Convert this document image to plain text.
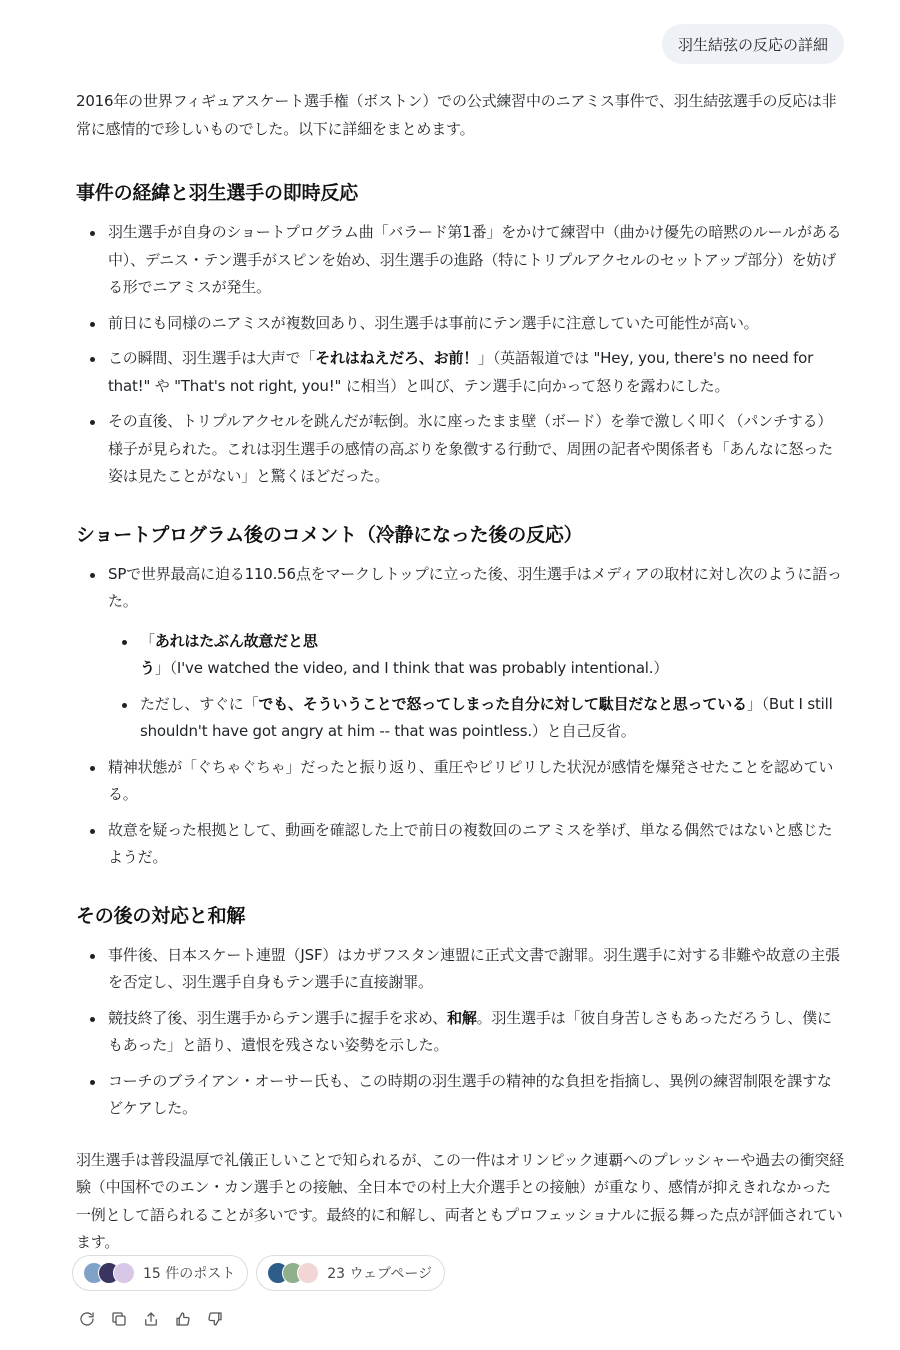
羽生結弦の反応の詳細

2016年の世界フィギュアスケート選手権（ボストン）での公式練習中のニアミス事件で、羽生結弦選手の反応は非常に感情的で珍しいものでした。以下に詳細をまとめます。

事件の経緯と羽生選手の即時反応
羽生選手が自身のショートプログラム曲「バラード第1番」をかけて練習中（曲かけ優先の暗黙のルールがある中）、デニス・テン選手がスピンを始め、羽生選手の進路（特にトリプルアクセルのセットアップ部分）を妨げる形でニアミスが発生。
前日にも同様のニアミスが複数回あり、羽生選手は事前にテン選手に注意していた可能性が高い。
この瞬間、羽生選手は大声で「それはねえだろ、お前！」（英語報道では "Hey, you, there's no need for that!" や "That's not right, you!" に相当）と叫び、テン選手に向かって怒りを露わにした。
その直後、トリプルアクセルを跳んだが転倒。氷に座ったまま壁（ボード）を拳で激しく叩く（パンチする）様子が見られた。これは羽生選手の感情の高ぶりを象徴する行動で、周囲の記者や関係者も「あんなに怒った姿は見たことがない」と驚くほどだった。
ショートプログラム後のコメント（冷静になった後の反応）
SPで世界最高に迫る110.56点をマークしトップに立った後、羽生選手はメディアの取材に対し次のように語った。
「あれはたぶん故意だと思う」（I've watched the video, and I think that was probably intentional.）
ただし、すぐに「でも、そういうことで怒ってしまった自分に対して駄目だなと思っている」（But I still shouldn't have got angry at him -- that was pointless.）と自己反省。
精神状態が「ぐちゃぐちゃ」だったと振り返り、重圧やピリピリした状況が感情を爆発させたことを認めている。
故意を疑った根拠として、動画を確認した上で前日の複数回のニアミスを挙げ、単なる偶然ではないと感じたようだ。
その後の対応と和解
事件後、日本スケート連盟（JSF）はカザフスタン連盟に正式文書で謝罪。羽生選手に対する非難や故意の主張を否定し、羽生選手自身もテン選手に直接謝罪。
競技終了後、羽生選手からテン選手に握手を求め、和解。羽生選手は「彼自身苦しさもあっただろうし、僕にもあった」と語り、遺恨を残さない姿勢を示した。
コーチのブライアン・オーサー氏も、この時期の羽生選手の精神的な負担を指摘し、異例の練習制限を課すなどケアした。

羽生選手は普段温厚で礼儀正しいことで知られるが、この一件はオリンピック連覇へのプレッシャーや過去の衝突経験（中国杯でのエン・カン選手との接触、全日本での村上大介選手との接触）が重なり、感情が抑えきれなかった一例として語られることが多いです。最終的に和解し、両者ともプロフェッショナルに振る舞った点が評価されています。

15 件のポスト	23 ウェブページ
